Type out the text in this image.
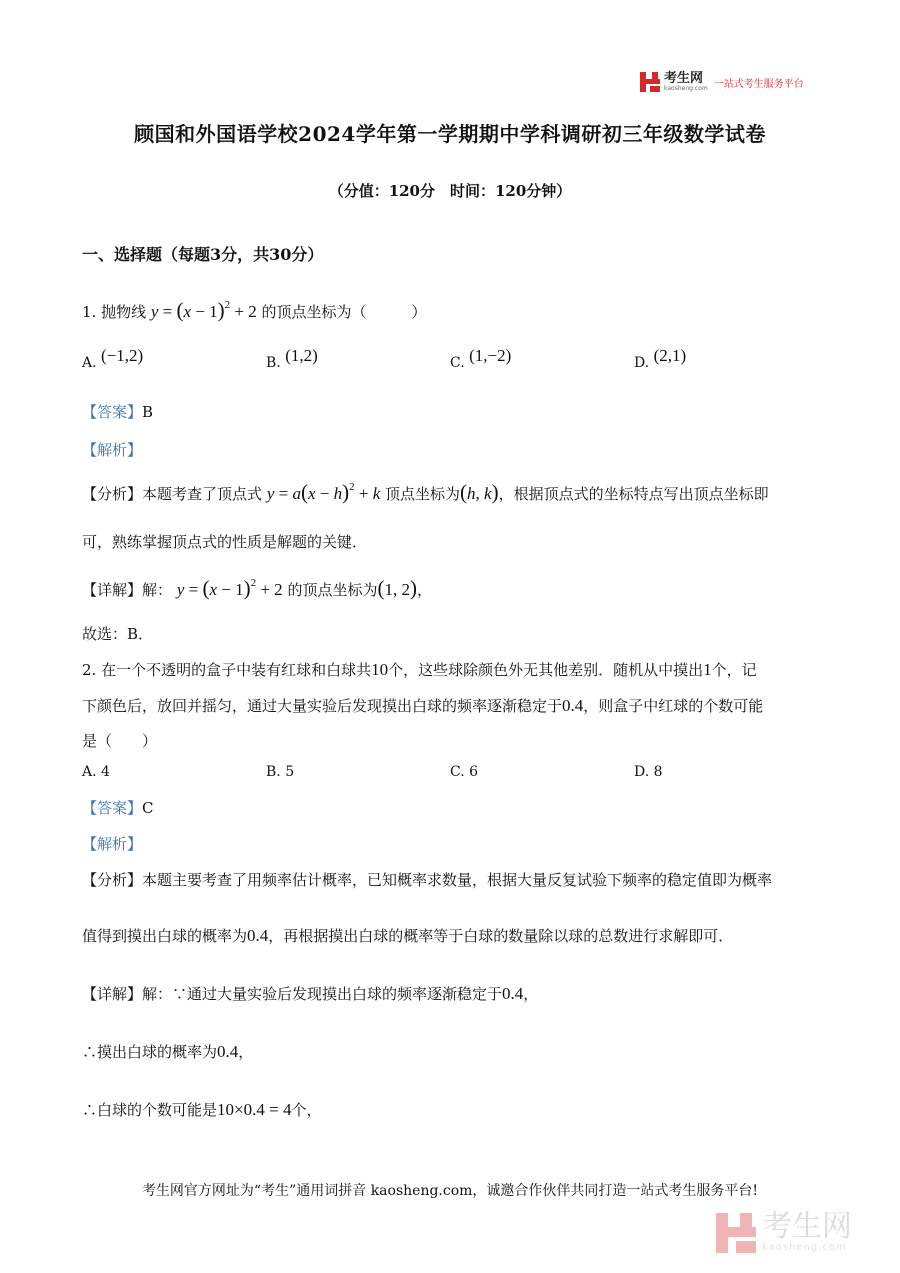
考生网
kaosheng.com 一站式考生服务平台
顾国和外国语学校2024学年第一学期期中学科调研初三年级数学试卷
（分值：120分　时间：120分钟）
一、选择题（每题3分，共30分）
1. 抛物线 $y = (x - 1)^2 + 2$ 的顶点坐标为（　　　）
A. (−1,2)	B. (1,2)	C. (1,−2)	D. (2,1)
【答案】B
【解析】
【分析】本题考查了顶点式 $y = a(x - h)^2 + k$ 顶点坐标为(h, k)，根据顶点式的坐标特点写出顶点坐标即
可，熟练掌握顶点式的性质是解题的关键．
【详解】解： $y = (x - 1)^2 + 2$ 的顶点坐标为(1, 2)，
故选：B．
2. 在一个不透明的盒子中装有红球和白球共10个，这些球除颜色外无其他差别．随机从中摸出1个，记
下颜色后，放回并摇匀，通过大量实验后发现摸出白球的频率逐渐稳定于0.4，则盒子中红球的个数可能
是（　　）
A. 4	B. 5	C. 6	D. 8
【答案】C
【解析】
【分析】本题主要考查了用频率估计概率，已知概率求数量，根据大量反复试验下频率的稳定值即为概率
值得到摸出白球的概率为0.4，再根据摸出白球的概率等于白球的数量除以球的总数进行求解即可．
【详解】解：∵通过大量实验后发现摸出白球的频率逐渐稳定于0.4，
∴摸出白球的概率为0.4，
∴白球的个数可能是10×0.4 = 4个，
考生网官方网址为“考生”通用词拼音 kaosheng.com，诚邀合作伙伴共同打造一站式考生服务平台!
考生网
kaosheng.com
